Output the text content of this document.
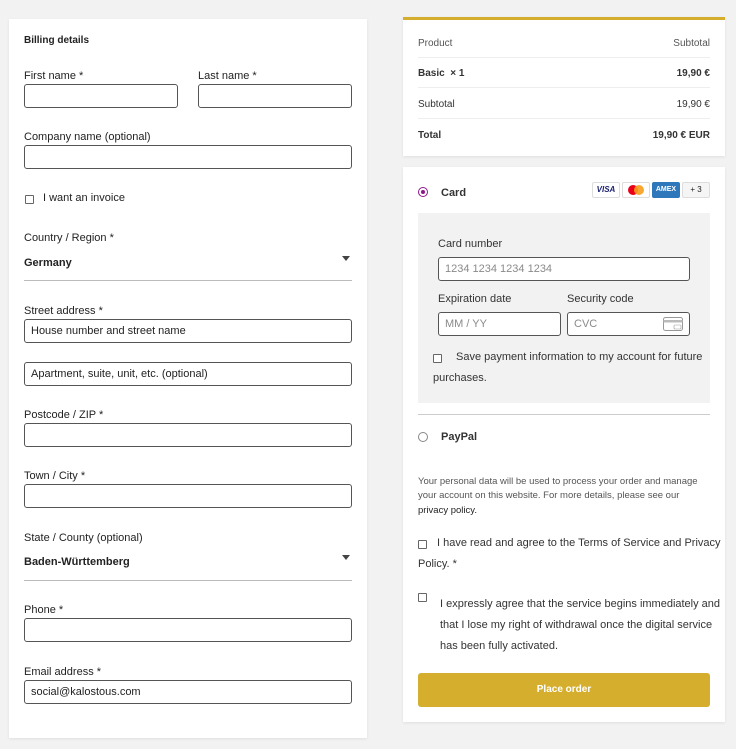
Billing details
First name *	Last name *
Company name (optional)
I want an invoice
Country / Region *
Germany
Street address *
House number and street name
Apartment, suite, unit, etc. (optional)
Postcode / ZIP *
Town / City *
State / County (optional)
Baden-Württemberg
Phone *
Email address *
social@kalostous.com
Product	Subtotal
Basic  × 1	19,90 €
Subtotal	19,90 €
Total	19,90 € EUR
Card	VISA	AMEX	+ 3
Card number
1234 1234 1234 1234
Expiration date
MM / YY
Security code
CVC
Save payment information to my account for future
purchases.
PayPal
Your personal data will be used to process your order and manage
your account on this website. For more details, please see our
privacy policy.
I have read and agree to the Terms of Service and Privacy
Policy. *
I expressly agree that the service begins immediately and
that I lose my right of withdrawal once the digital service
has been fully activated.
Place order
